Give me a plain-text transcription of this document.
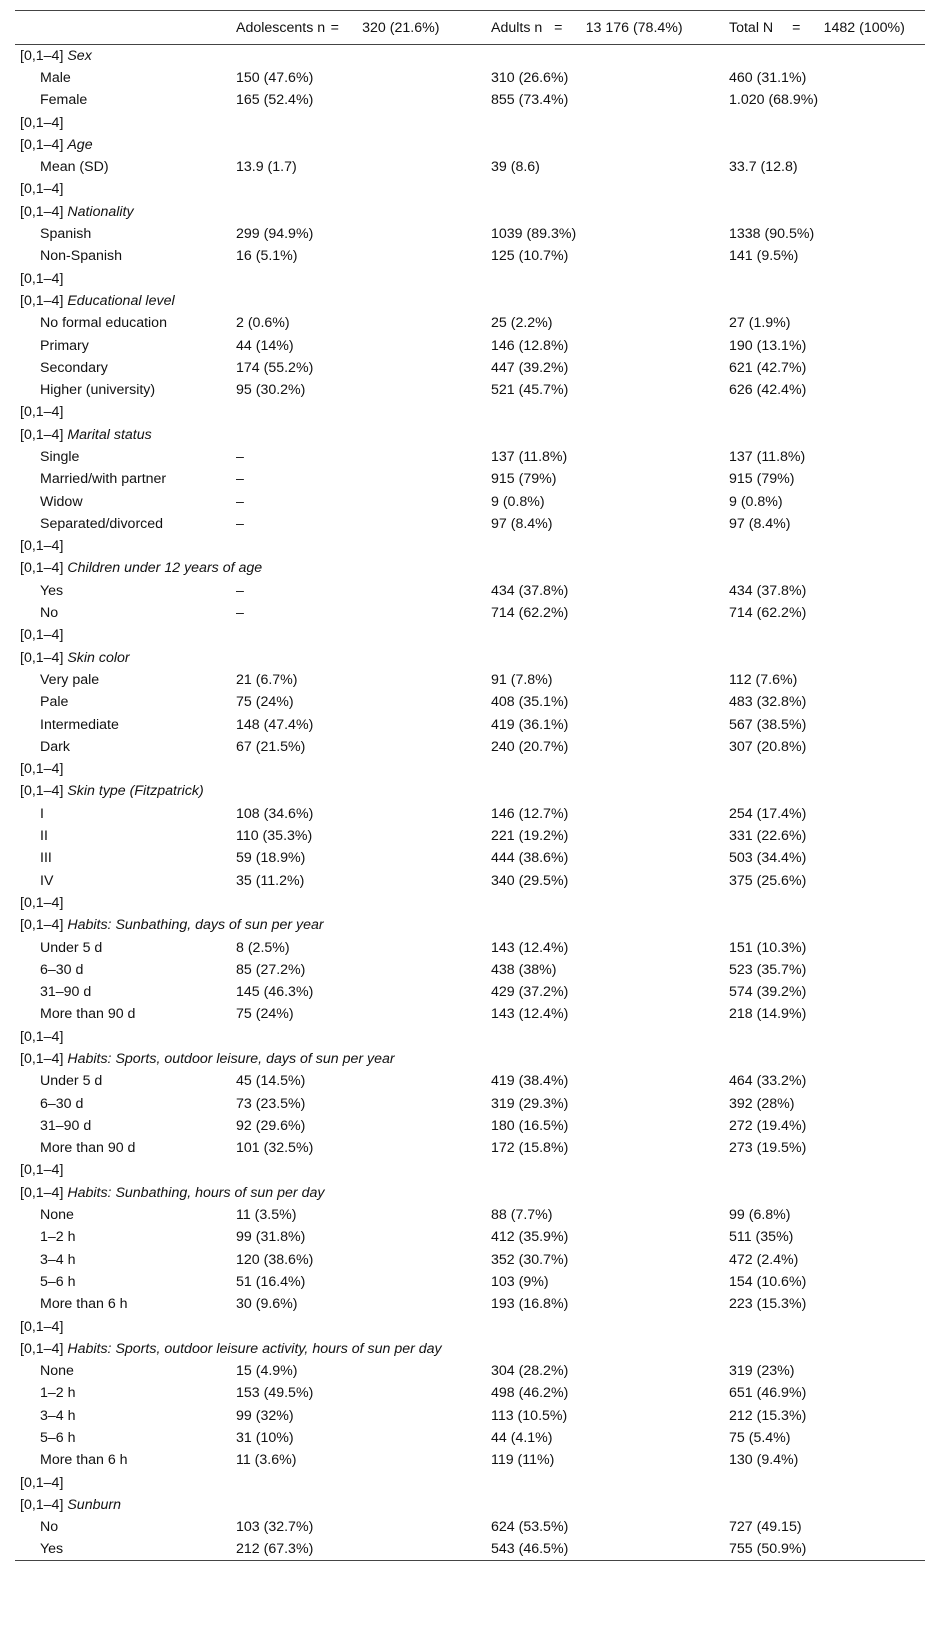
	Adolescents n	=	320 (21.6%)	Adults n	=	13 176 (78.4%)	Total N	=	1482 (100%)
[0,1–4] Sex			
Male	150 (47.6%)	310 (26.6%)	460 (31.1%)
Female	165 (52.4%)	855 (73.4%)	1.020 (68.9%)
[0,1–4]			
[0,1–4] Age			
Mean (SD)	13.9 (1.7)	39 (8.6)	33.7 (12.8)
[0,1–4]			
[0,1–4] Nationality			
Spanish	299 (94.9%)	1039 (89.3%)	1338 (90.5%)
Non-Spanish	16 (5.1%)	125 (10.7%)	141 (9.5%)
[0,1–4]			
[0,1–4] Educational level			
No formal education	2 (0.6%)	25 (2.2%)	27 (1.9%)
Primary	44 (14%)	146 (12.8%)	190 (13.1%)
Secondary	174 (55.2%)	447 (39.2%)	621 (42.7%)
Higher (university)	95 (30.2%)	521 (45.7%)	626 (42.4%)
[0,1–4]			
[0,1–4] Marital status			
Single	–	137 (11.8%)	137 (11.8%)
Married/with partner	–	915 (79%)	915 (79%)
Widow	–	9 (0.8%)	9 (0.8%)
Separated/divorced	–	97 (8.4%)	97 (8.4%)
[0,1–4]			
[0,1–4] Children under 12 years of age			
Yes	–	434 (37.8%)	434 (37.8%)
No	–	714 (62.2%)	714 (62.2%)
[0,1–4]			
[0,1–4] Skin color			
Very pale	21 (6.7%)	91 (7.8%)	112 (7.6%)
Pale	75 (24%)	408 (35.1%)	483 (32.8%)
Intermediate	148 (47.4%)	419 (36.1%)	567 (38.5%)
Dark	67 (21.5%)	240 (20.7%)	307 (20.8%)
[0,1–4]			
[0,1–4] Skin type (Fitzpatrick)			
I	108 (34.6%)	146 (12.7%)	254 (17.4%)
II	110 (35.3%)	221 (19.2%)	331 (22.6%)
III	59 (18.9%)	444 (38.6%)	503 (34.4%)
IV	35 (11.2%)	340 (29.5%)	375 (25.6%)
[0,1–4]			
[0,1–4] Habits: Sunbathing, days of sun per year			
Under 5 d	8 (2.5%)	143 (12.4%)	151 (10.3%)
6–30 d	85 (27.2%)	438 (38%)	523 (35.7%)
31–90 d	145 (46.3%)	429 (37.2%)	574 (39.2%)
More than 90 d	75 (24%)	143 (12.4%)	218 (14.9%)
[0,1–4]			
[0,1–4] Habits: Sports, outdoor leisure, days of sun per year			
Under 5 d	45 (14.5%)	419 (38.4%)	464 (33.2%)
6–30 d	73 (23.5%)	319 (29.3%)	392 (28%)
31–90 d	92 (29.6%)	180 (16.5%)	272 (19.4%)
More than 90 d	101 (32.5%)	172 (15.8%)	273 (19.5%)
[0,1–4]			
[0,1–4] Habits: Sunbathing, hours of sun per day			
None	11 (3.5%)	88 (7.7%)	99 (6.8%)
1–2 h	99 (31.8%)	412 (35.9%)	511 (35%)
3–4 h	120 (38.6%)	352 (30.7%)	472 (2.4%)
5–6 h	51 (16.4%)	103 (9%)	154 (10.6%)
More than 6 h	30 (9.6%)	193 (16.8%)	223 (15.3%)
[0,1–4]			
[0,1–4] Habits: Sports, outdoor leisure activity, hours of sun per day			
None	15 (4.9%)	304 (28.2%)	319 (23%)
1–2 h	153 (49.5%)	498 (46.2%)	651 (46.9%)
3–4 h	99 (32%)	113 (10.5%)	212 (15.3%)
5–6 h	31 (10%)	44 (4.1%)	75 (5.4%)
More than 6 h	11 (3.6%)	119 (11%)	130 (9.4%)
[0,1–4]			
[0,1–4] Sunburn			
No	103 (32.7%)	624 (53.5%)	727 (49.15)
Yes	212 (67.3%)	543 (46.5%)	755 (50.9%)
